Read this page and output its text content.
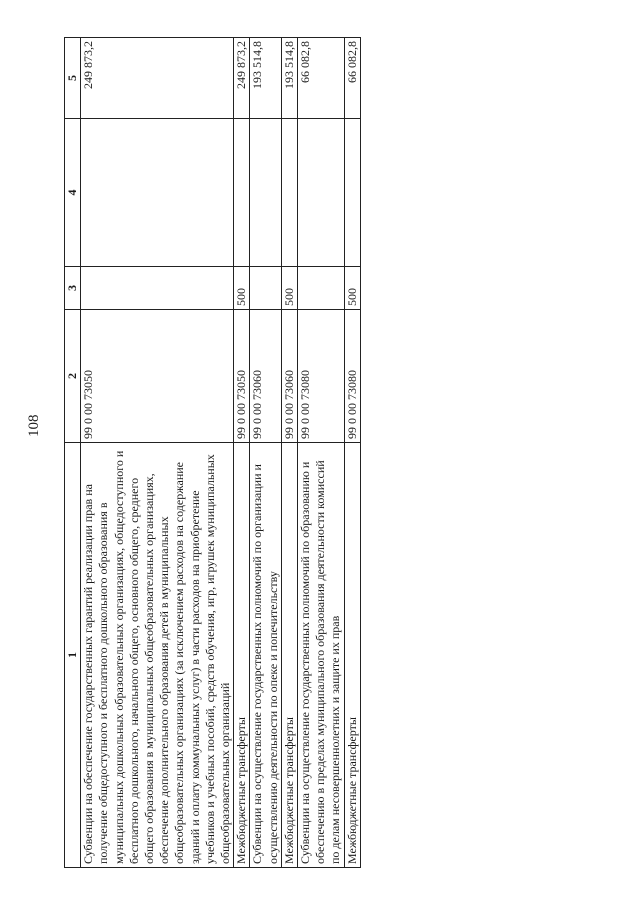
108
1	2	3	4	5
Субвенции на обеспечение государственных гарантий реализации прав на получение общедоступного и бесплатного дошкольного образования в муниципальных дошкольных образовательных организациях, общедоступного и бесплатного дошкольного, начального общего, основного общего, среднего общего образования в муниципальных общеобразовательных организациях, обеспечение дополнительного образования детей в муниципальных общеобразовательных организациях (за исключением расходов на содержание зданий и оплату коммунальных услуг) в части расходов на приобретение учебников и учебных пособий, средств обучения, игр, игрушек муниципальных общеобразовательных организаций	99 0 00 73050			249 873,2
Межбюджетные трансферты	99 0 00 73050	500		249 873,2
Субвенции на осуществление государственных полномочий по организации и осуществлению деятельности по опеке и попечительству	99 0 00 73060			193 514,8
Межбюджетные трансферты	99 0 00 73060	500		193 514,8
Субвенции на осуществление государственных полномочий по образованию и обеспечению в пределах муниципального образования деятельности комиссий по делам несовершеннолетних и защите их прав	99 0 00 73080			66 082,8
Межбюджетные трансферты	99 0 00 73080	500		66 082,8
